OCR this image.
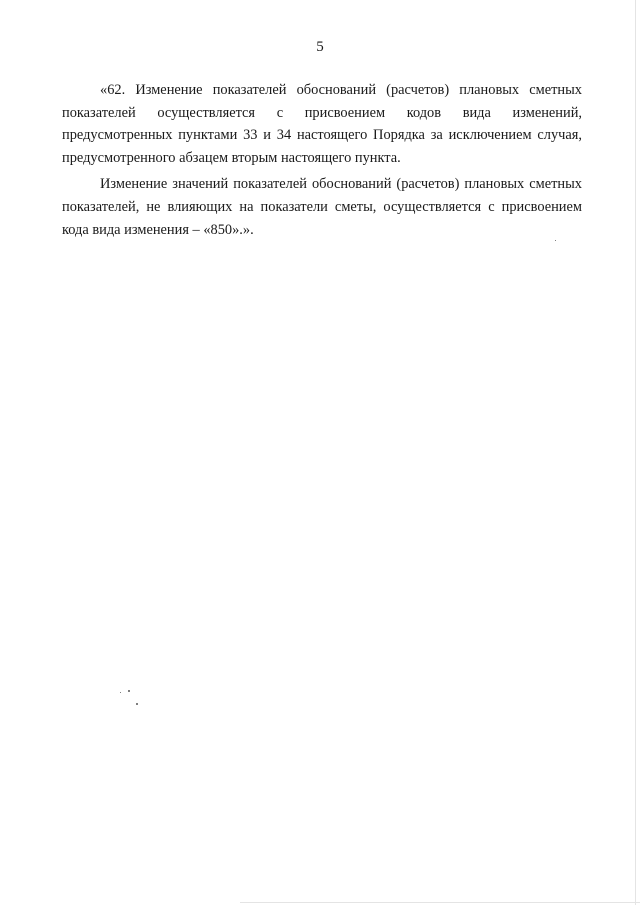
5

«62. Изменение показателей обоснований (расчетов) плановых сметных показателей осуществляется с присвоением кодов вида изменений, предусмотренных пунктами 33 и 34 настоящего Порядка за исключением случая, предусмотренного абзацем вторым настоящего пункта.

Изменение значений показателей обоснований (расчетов) плановых сметных показателей, не влияющих на показатели сметы, осуществляется с присвоением кода вида изменения – «850».».
